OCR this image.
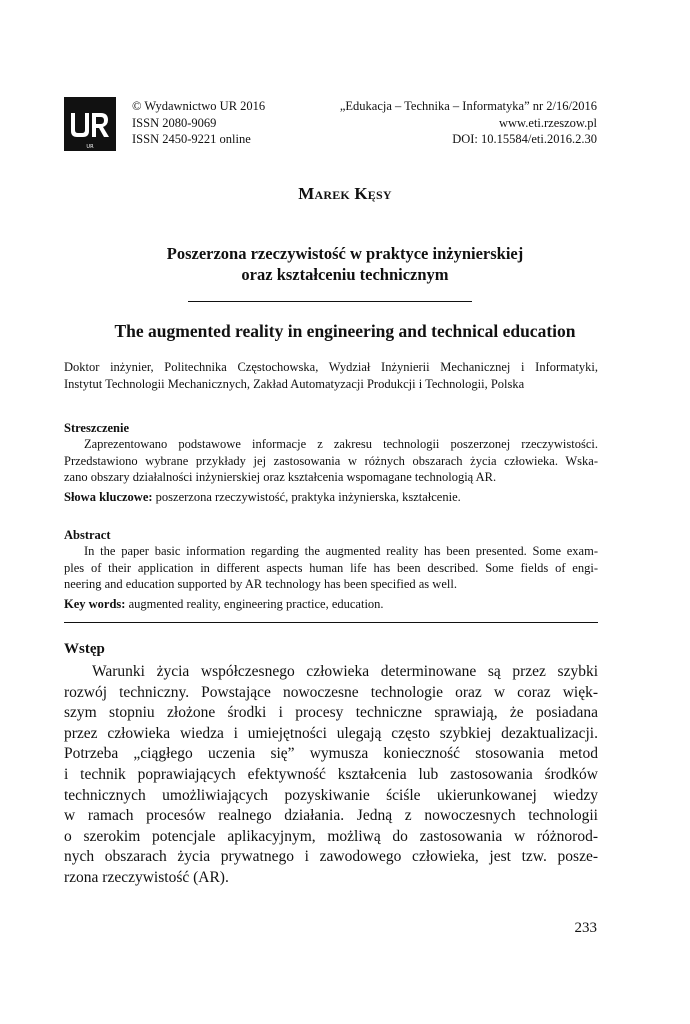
UR
© Wydawnictwo UR 2016
ISSN 2080-9069
ISSN 2450-9221 online
„Edukacja – Technika – Informatyka” nr 2/16/2016
www.eti.rzeszow.pl
DOI: 10.15584/eti.2016.2.30
Marek Kęsy
Poszerzona rzeczywistość w praktyce inżynierskiej
oraz kształceniu technicznym
The augmented reality in engineering and technical education
Doktor inżynier, Politechnika Częstochowska, Wydział Inżynierii Mechanicznej i Informatyki,
Instytut Technologii Mechanicznych, Zakład Automatyzacji Produkcji i Technologii, Polska
Streszczenie
Zaprezentowano podstawowe informacje z zakresu technologii poszerzonej rzeczywistości.
Przedstawiono wybrane przykłady jej zastosowania w różnych obszarach życia człowieka. Wska-
zano obszary działalności inżynierskiej oraz kształcenia wspomagane technologią AR.
Słowa kluczowe: poszerzona rzeczywistość, praktyka inżynierska, kształcenie.
Abstract
In the paper basic information regarding the augmented reality has been presented. Some exam-
ples of their application in different aspects human life has been described. Some fields of engi-
neering and education supported by AR technology has been specified as well.
Key words: augmented reality, engineering practice, education.
Wstęp
Warunki życia współczesnego człowieka determinowane są przez szybki
rozwój techniczny. Powstające nowoczesne technologie oraz w coraz więk-
szym stopniu złożone środki i procesy techniczne sprawiają, że posiadana
przez człowieka wiedza i umiejętności ulegają często szybkiej dezaktualizacji.
Potrzeba „ciągłego uczenia się” wymusza konieczność stosowania metod
i technik poprawiających efektywność kształcenia lub zastosowania środków
technicznych umożliwiających pozyskiwanie ściśle ukierunkowanej wiedzy
w ramach procesów realnego działania. Jedną z nowoczesnych technologii
o szerokim potencjale aplikacyjnym, możliwą do zastosowania w różnorod-
nych obszarach życia prywatnego i zawodowego człowieka, jest tzw. posze-
rzona rzeczywistość (AR).
233
